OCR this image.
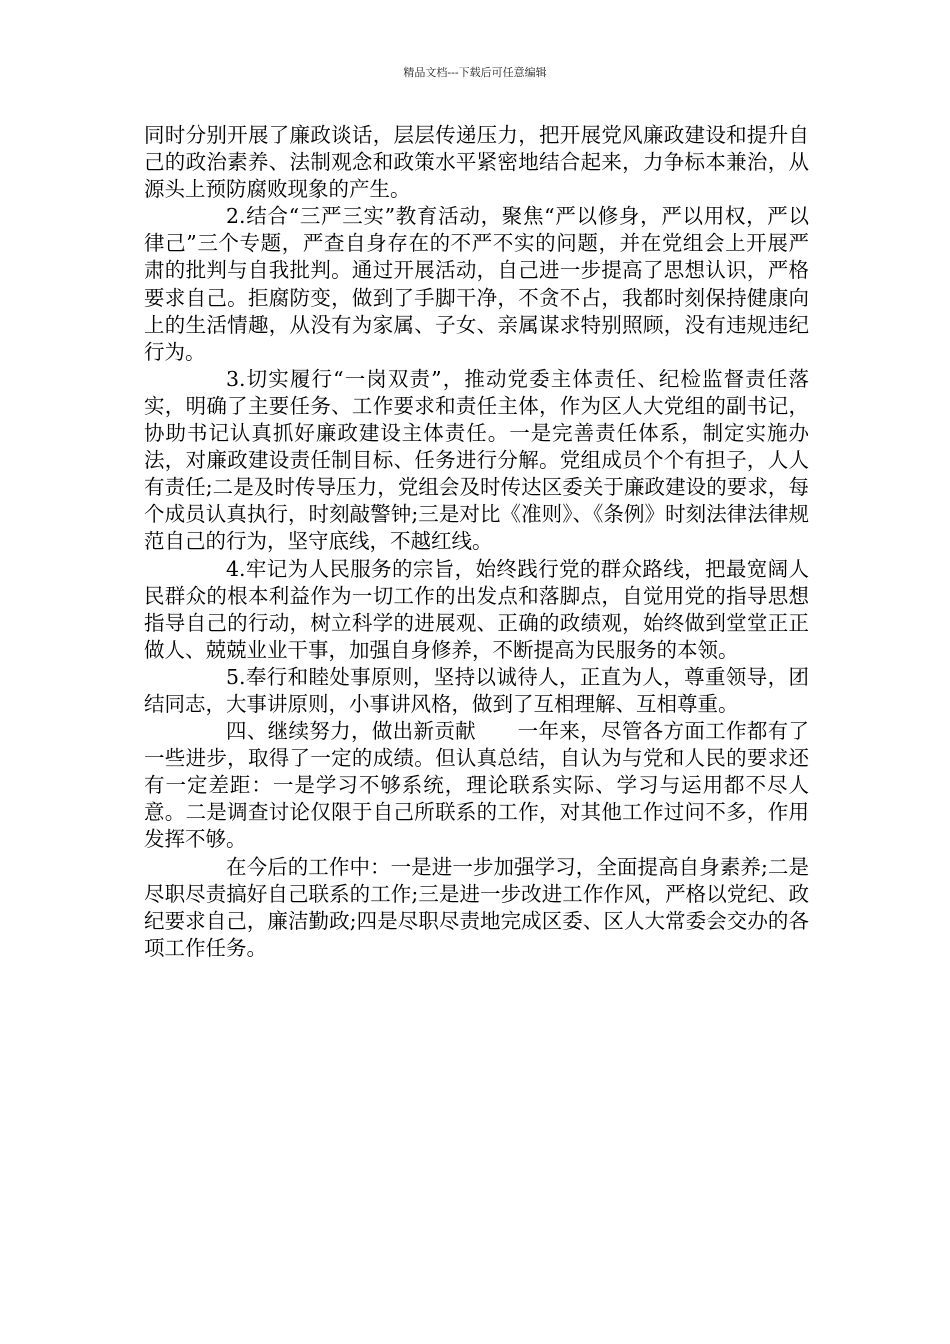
精品文档---下载后可任意编辑

同时分别开展了廉政谈话，层层传递压力，把开展党风廉政建设和提升自己的政治素养、法制观念和政策水平紧密地结合起来，力争标本兼治，从源头上预防腐败现象的产生。

2.结合“三严三实”教育活动，聚焦“严以修身，严以用权，严以律己”三个专题，严查自身存在的不严不实的问题，并在党组会上开展严肃的批判与自我批判。通过开展活动，自己进一步提高了思想认识，严格要求自己。拒腐防变，做到了手脚干净，不贪不占，我都时刻保持健康向上的生活情趣，从没有为家属、子女、亲属谋求特别照顾，没有违规违纪行为。

3.切实履行“一岗双责”，推动党委主体责任、纪检监督责任落实，明确了主要任务、工作要求和责任主体，作为区人大党组的副书记，协助书记认真抓好廉政建设主体责任。一是完善责任体系，制定实施办法，对廉政建设责任制目标、任务进行分解。党组成员个个有担子，人人有责任;二是及时传导压力，党组会及时传达区委关于廉政建设的要求，每个成员认真执行，时刻敲警钟;三是对比《准则》、《条例》时刻法律法律规范自己的行为，坚守底线，不越红线。

4.牢记为人民服务的宗旨，始终践行党的群众路线，把最宽阔人民群众的根本利益作为一切工作的出发点和落脚点，自觉用党的指导思想指导自己的行动，树立科学的进展观、正确的政绩观，始终做到堂堂正正做人、兢兢业业干事，加强自身修养，不断提高为民服务的本领。

5.奉行和睦处事原则，坚持以诚待人，正直为人，尊重领导，团结同志，大事讲原则，小事讲风格，做到了互相理解、互相尊重。

四、继续努力，做出新贡献　　一年来，尽管各方面工作都有了一些进步，取得了一定的成绩。但认真总结，自认为与党和人民的要求还有一定差距：一是学习不够系统，理论联系实际、学习与运用都不尽人意。二是调查讨论仅限于自己所联系的工作，对其他工作过问不多，作用发挥不够。

在今后的工作中：一是进一步加强学习，全面提高自身素养;二是尽职尽责搞好自己联系的工作;三是进一步改进工作作风，严格以党纪、政纪要求自己，廉洁勤政;四是尽职尽责地完成区委、区人大常委会交办的各项工作任务。
